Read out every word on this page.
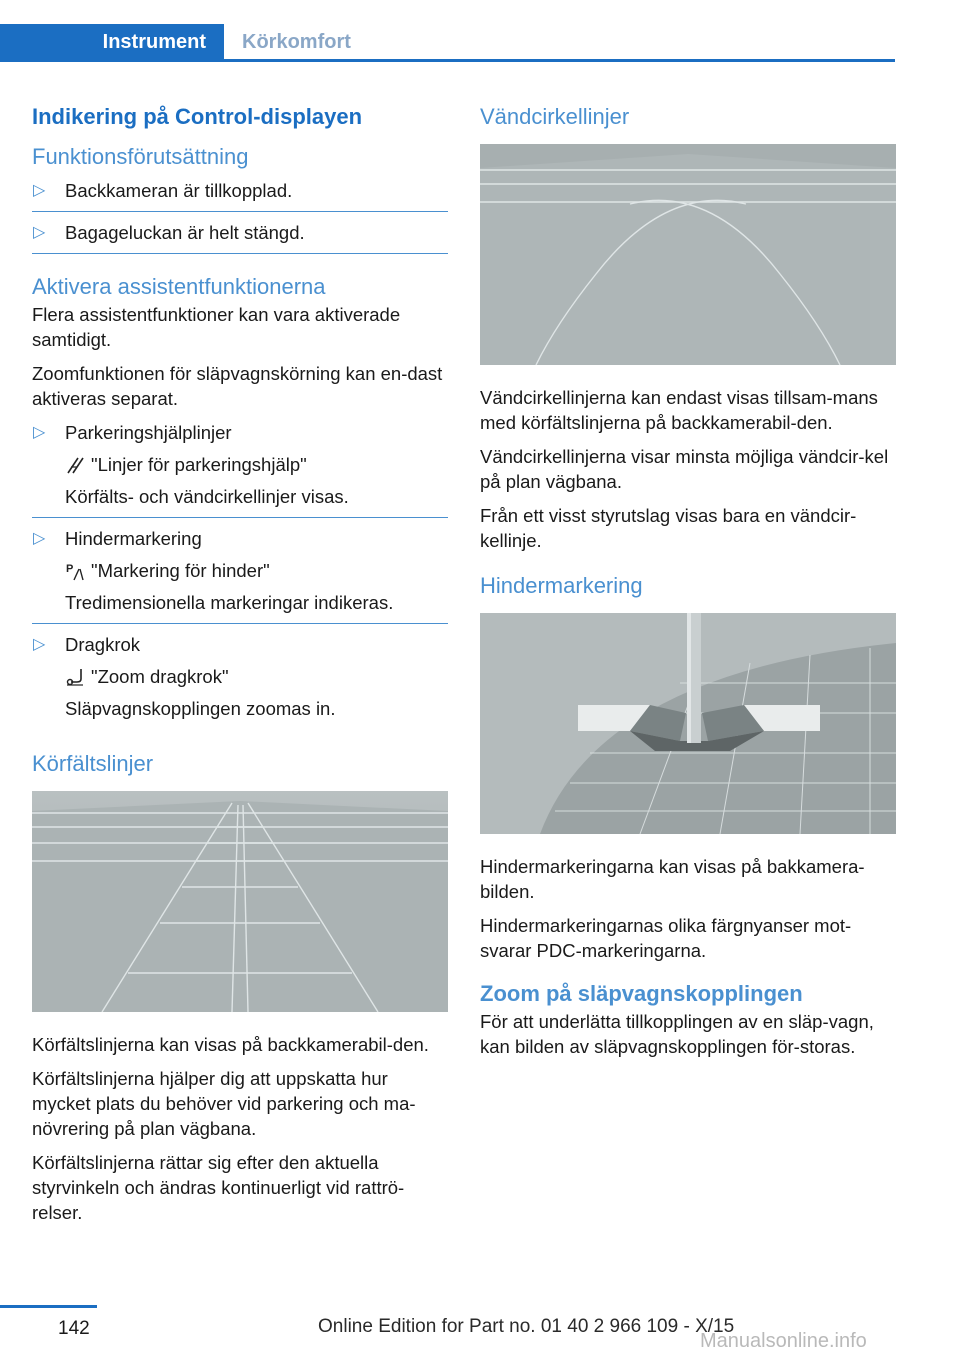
Instrument	Körkomfort
Indikering på Control-displayen
Funktionsförutsättning
▷ Backkameran är tillkopplad.
▷ Bagageluckan är helt stängd.
Aktivera assistentfunktionerna
Flera assistentfunktioner kan vara aktiverade samtidigt.
Zoomfunktionen för släpvagnskörning kan en-dast aktiveras separat.
▷ Parkeringshjälplinjer
"Linjer för parkeringshjälp"
Körfälts- och vändcirkellinjer visas.
▷ Hindermarkering
P "Markering för hinder"
Tredimensionella markeringar indikeras.
▷ Dragkrok
"Zoom dragkrok"
Släpvagnskopplingen zoomas in.
Körfältslinjer
Körfältslinjerna kan visas på backkamerabil-den.
Körfältslinjerna hjälper dig att uppskatta hur mycket plats du behöver vid parkering och ma-növrering på plan vägbana.
Körfältslinjerna rättar sig efter den aktuella styrvinkeln och ändras kontinuerligt vid rattrö-relser.
Vändcirkellinjer
Vändcirkellinjerna kan endast visas tillsam-mans med körfältslinjerna på backkamerabil-den.
Vändcirkellinjerna visar minsta möjliga vändcir-kel på plan vägbana.
Från ett visst styrutslag visas bara en vändcir-kellinje.
Hindermarkering
Hindermarkeringarna kan visas på bakkamera-bilden.
Hindermarkeringarnas olika färgnyanser mot-svarar PDC-markeringarna.
Zoom på släpvagnskopplingen
För att underlätta tillkopplingen av en släp-vagn, kan bilden av släpvagnskopplingen för-storas.
142	Online Edition for Part no. 01 40 2 966 109 - X/15
Manualsonline.info
